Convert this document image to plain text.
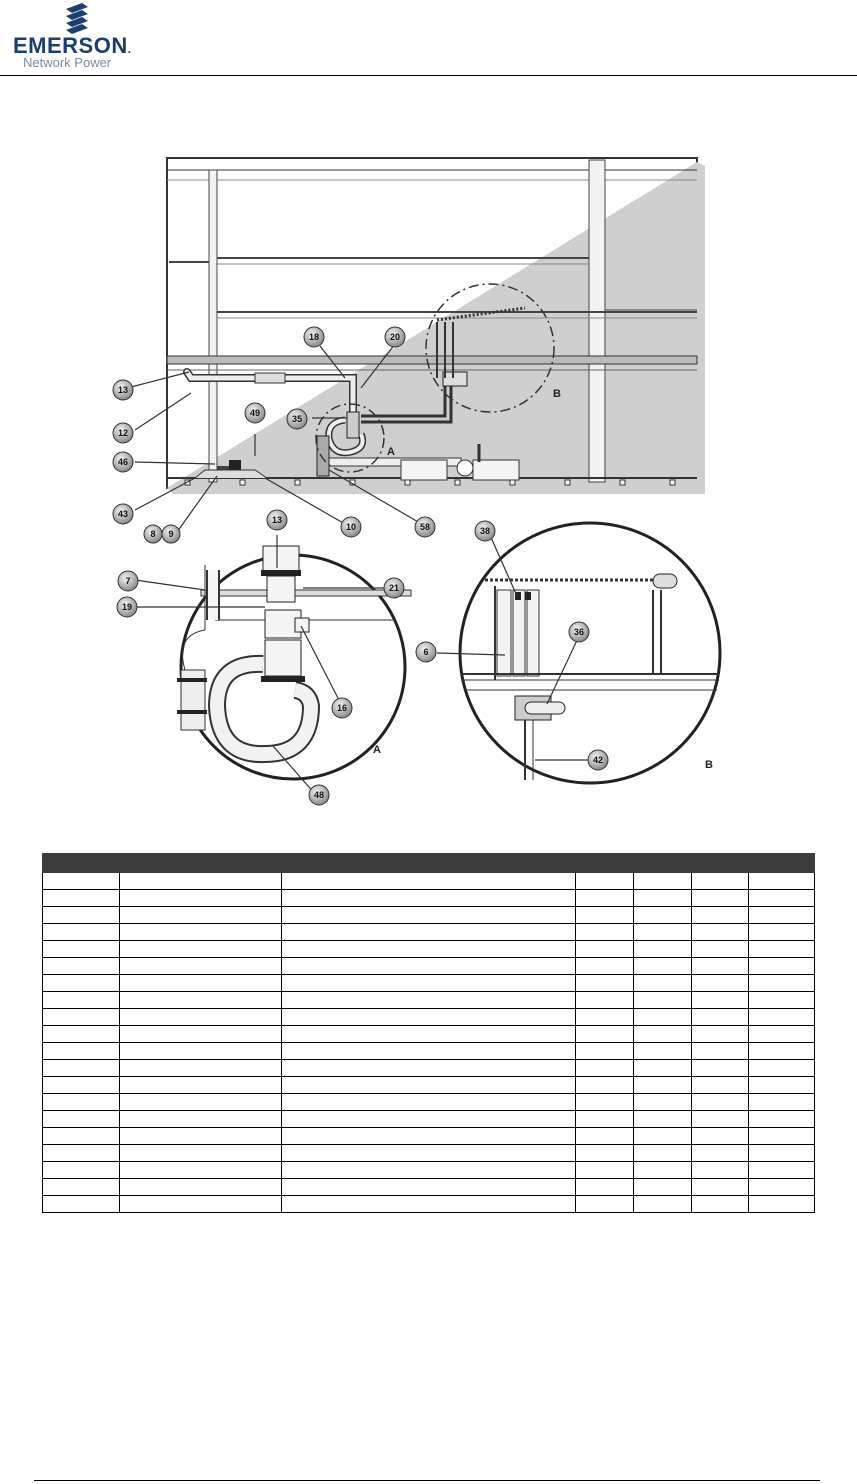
EMERSON.
Network Power
A
B
A
B
13
12
18	20
49
35
46
43
8 9
10	58
13
7
21
19
16
48
38
36
6
42
